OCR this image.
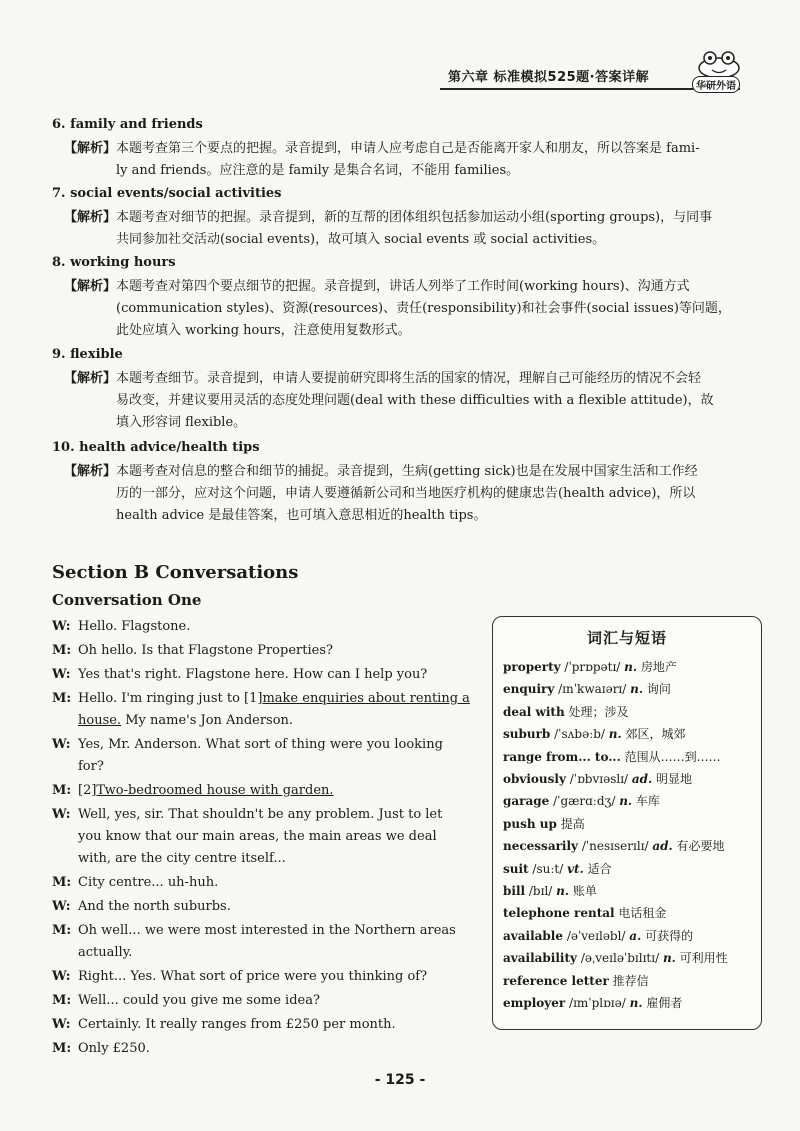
第六章 标准模拟525题·答案详解
华研外语
6. family and friends
【解析】本题考查第三个要点的把握。录音提到，申请人应考虑自己是否能离开家人和朋友，所以答案是 fami-
ly and friends。应注意的是 family 是集合名词，不能用 families。
7. social events/social activities
【解析】本题考查对细节的把握。录音提到，新的互帮的团体组织包括参加运动小组(sporting groups)，与同事
共同参加社交活动(social events)，故可填入 social events 或 social activities。
8. working hours
【解析】本题考查对第四个要点细节的把握。录音提到，讲话人列举了工作时间(working hours)、沟通方式
(communication styles)、资源(resources)、责任(responsibility)和社会事件(social issues)等问题，
此处应填入 working hours，注意使用复数形式。
9. flexible
【解析】本题考查细节。录音提到，申请人要提前研究即将生活的国家的情况，理解自己可能经历的情况不会轻
易改变，并建议要用灵活的态度处理问题(deal with these difficulties with a flexible attitude)，故
填入形容词 flexible。
10. health advice/health tips
【解析】本题考查对信息的整合和细节的捕捉。录音提到，生病(getting sick)也是在发展中国家生活和工作经
历的一部分，应对这个问题，申请人要遵循新公司和当地医疗机构的健康忠告(health advice)，所以
health advice 是最佳答案，也可填入意思相近的health tips。
Section B Conversations
Conversation One
W: Hello. Flagstone.
M: Oh hello. Is that Flagstone Properties?
W: Yes that's right. Flagstone here. How can I help you?
M: Hello. I'm ringing just to [1]make enquiries about renting a house. My name's Jon Anderson.
W: Yes, Mr. Anderson. What sort of thing were you looking
for?
M: [2]Two-bedroomed house with garden.
W: Well, yes, sir. That shouldn't be any problem. Just to let
you know that our main areas, the main areas we deal
with, are the city centre itself...
M: City centre... uh-huh.
W: And the north suburbs.
M: Oh well... we were most interested in the Northern areas
actually.
W: Right... Yes. What sort of price were you thinking of?
M: Well... could you give me some idea?
W: Certainly. It really ranges from £250 per month.
M: Only £250.
词汇与短语
property /ˈprɒpətɪ/ n. 房地产
enquiry /ɪnˈkwaɪərɪ/ n. 询问
deal with 处理；涉及
suburb /ˈsʌbəːb/ n. 郊区，城郊
range from... to... 范围从……到……
obviously /ˈɒbvɪəslɪ/ ad. 明显地
garage /ˈgærɑːdʒ/ n. 车库
push up 提高
necessarily /ˈnesɪserɪlɪ/ ad. 有必要地
suit /suːt/ vt. 适合
bill /bɪl/ n. 账单
telephone rental 电话租金
available /əˈveɪləbl/ a. 可获得的
availability /əˌveɪləˈbɪlɪtɪ/ n. 可利用性
reference letter 推荐信
employer /ɪmˈplɒɪə/ n. 雇佣者
- 125 -
